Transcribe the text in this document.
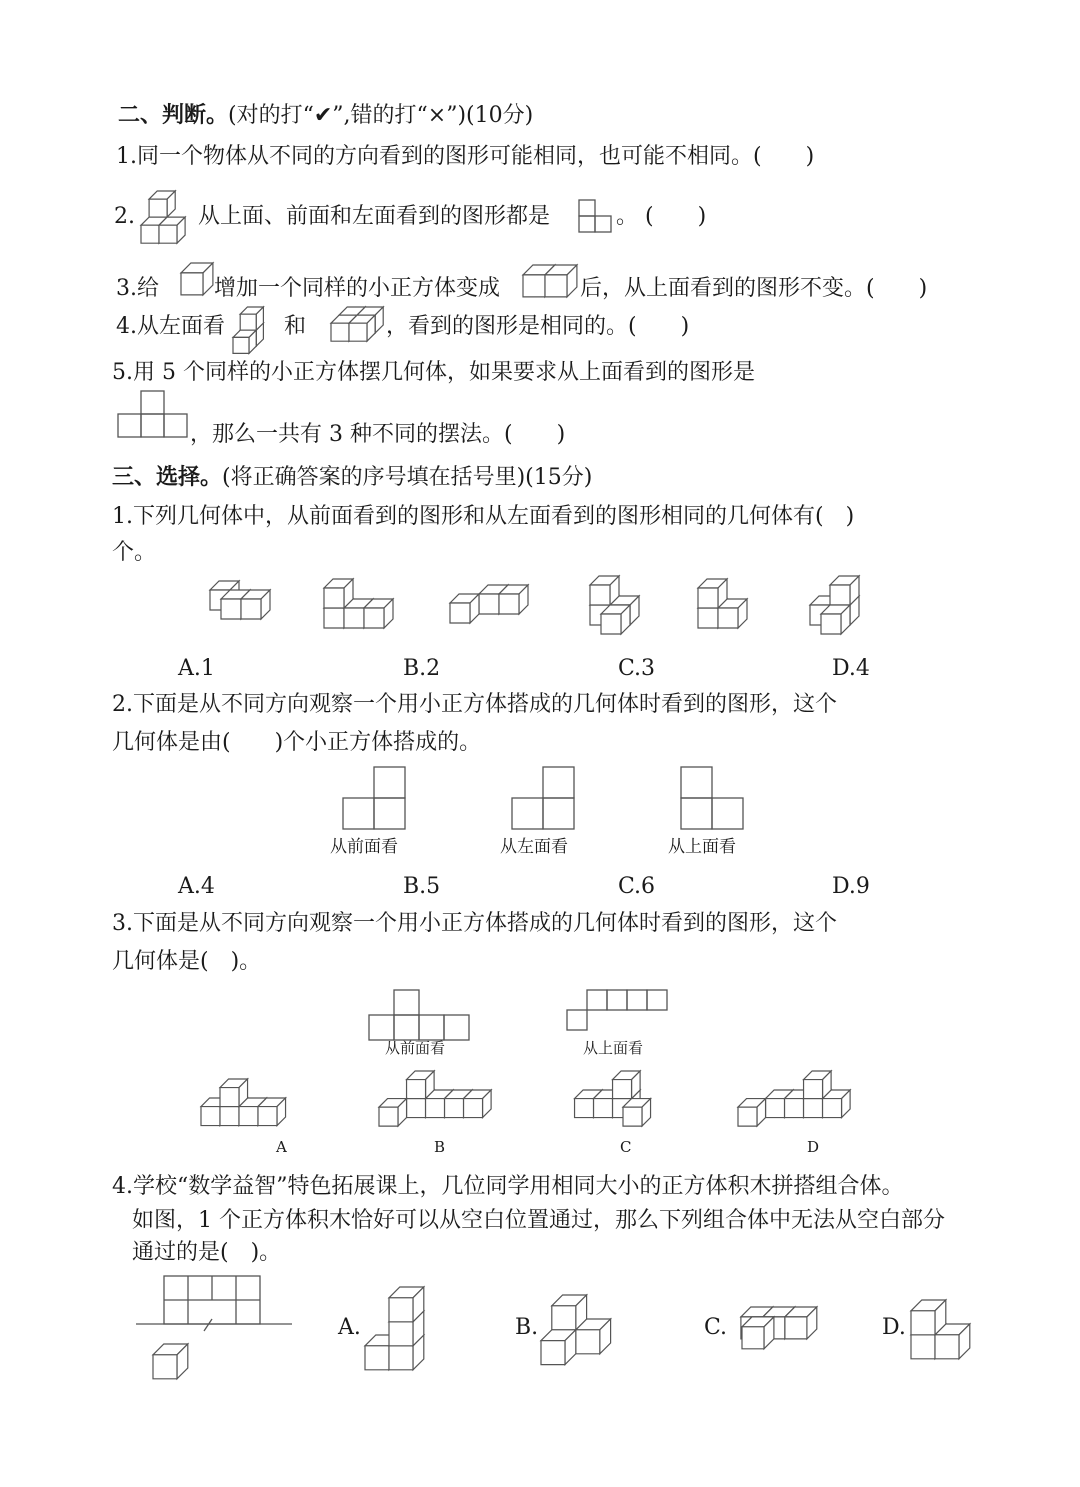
二、判断。(对的打“✔”,错的打“×”)(10分)
1.同一个物体从不同的方向看到的图形可能相同，也可能不相同。(　　)
2.	从上面、前面和左面看到的图形都是	。 (　　)
3.给	增加一个同样的小正方体变成	后，从上面看到的图形不变。(　　)
4.从左面看	和	，看到的图形是相同的。(　　)
5.用 5 个同样的小正方体摆几何体，如果要求从上面看到的图形是
，那么一共有 3 种不同的摆法。(　　)
三、选择。(将正确答案的序号填在括号里)(15分)
1.下列几何体中，从前面看到的图形和从左面看到的图形相同的几何体有(　)
个。
A.1	B.2	C.3	D.4
2.下面是从不同方向观察一个用小正方体搭成的几何体时看到的图形，这个
几何体是由(　　)个小正方体搭成的。
从前面看	从左面看	从上面看
A.4	B.5	C.6	D.9
3.下面是从不同方向观察一个用小正方体搭成的几何体时看到的图形，这个
几何体是(　)。
从前面看	从上面看
A	B	C	D
4.学校“数学益智”特色拓展课上，几位同学用相同大小的正方体积木拼搭组合体。
如图，1 个正方体积木恰好可以从空白位置通过，那么下列组合体中无法从空白部分
通过的是(　)。
A.	B.	C.	D.
